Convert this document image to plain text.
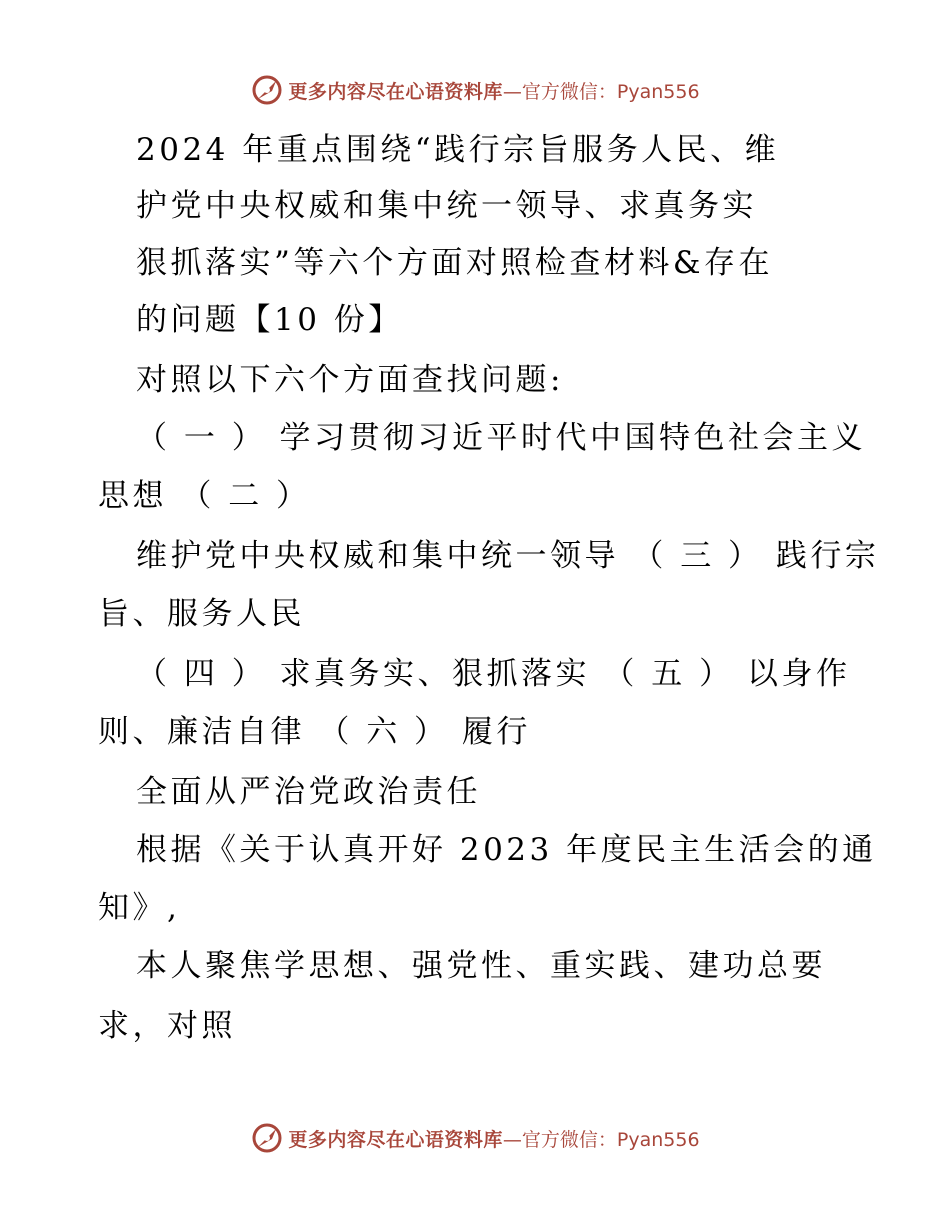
更多内容尽在心语资料库 —官方微信：Pyan556
2024 年重点围绕“践行宗旨服务人民、维
护党中央权威和集中统一领导、求真务实
狠抓落实”等六个方面对照检查材料&存在
的问题【10 份】
对照以下六个方面查找问题:
（ 一 ） 学习贯彻习近平时代中国特色社会主义
思想 （ 二 ）
维护党中央权威和集中统一领导 （ 三 ） 践行宗
旨、服务人民
（ 四 ） 求真务实、狠抓落实 （ 五 ） 以身作
则、廉洁自律 （ 六 ） 履行
全面从严治党政治责任
根据《关于认真开好 2023 年度民主生活会的通
知》,
本人聚焦学思想、强党性、重实践、建功总要
求，对照
更多内容尽在心语资料库 —官方微信：Pyan556
